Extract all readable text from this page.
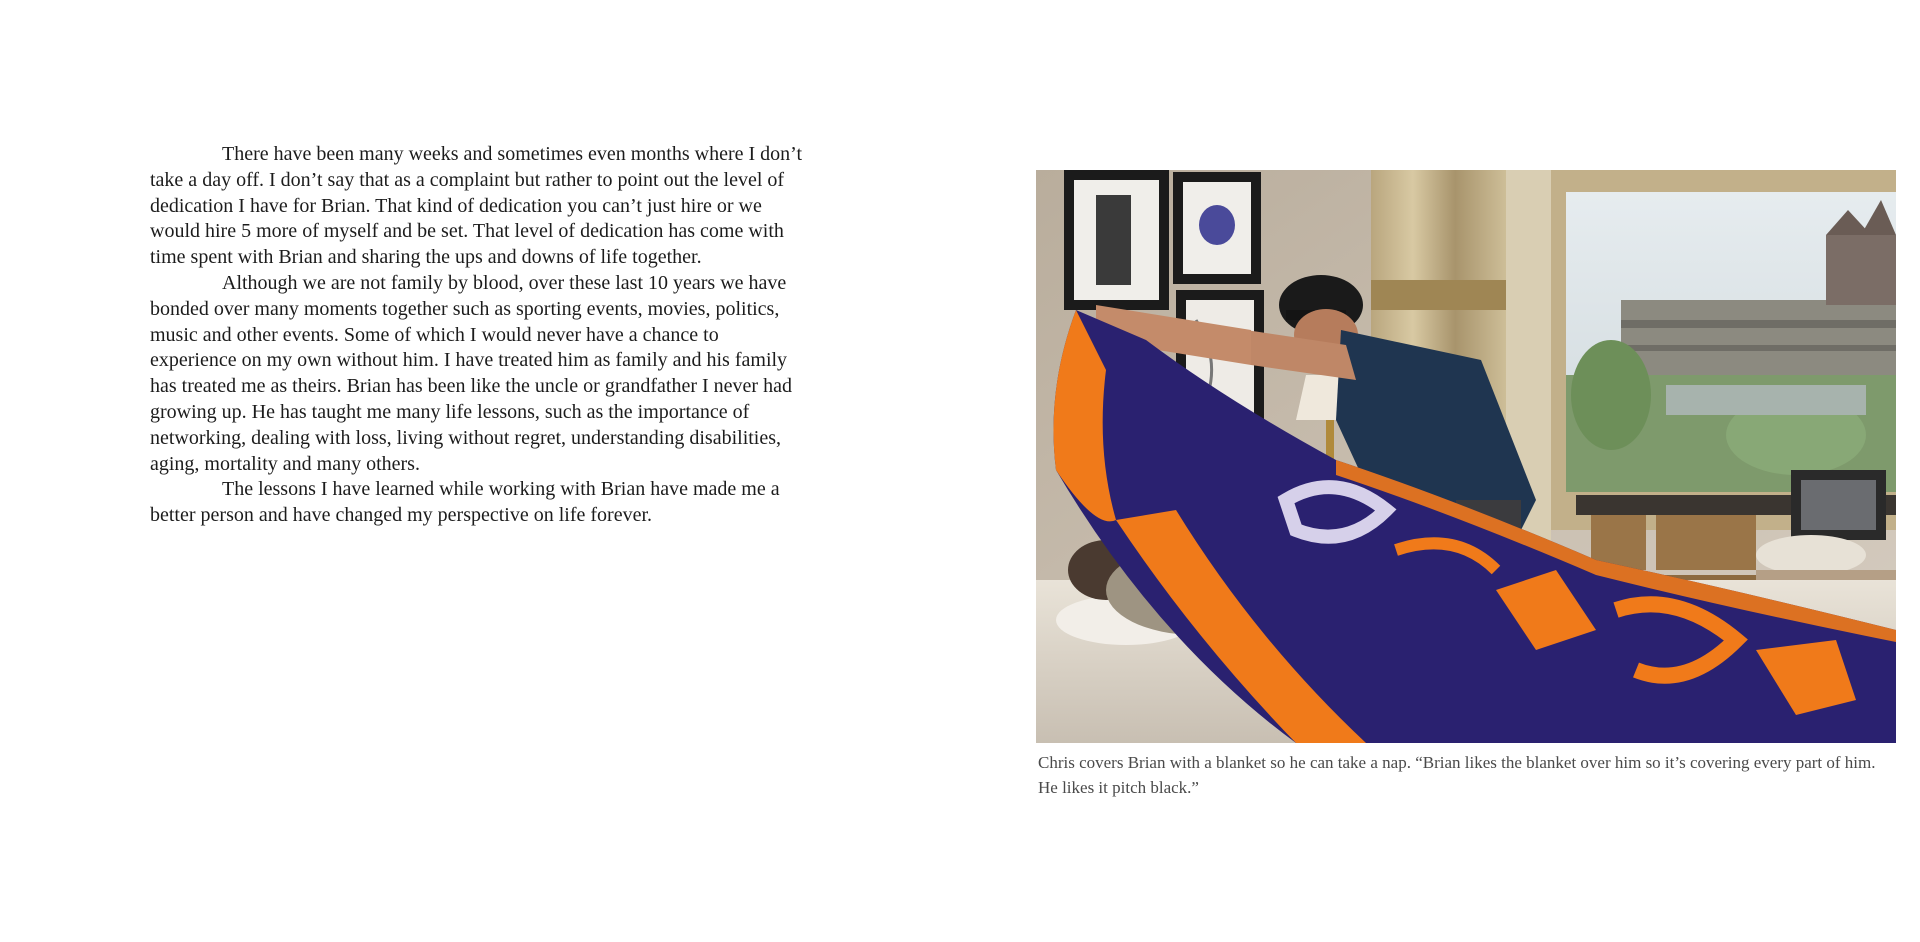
There have been many weeks and sometimes even months where I don’t take a day off. I don’t say that as a complaint but rather to point out the level of dedication I have for Brian. That kind of dedication you can’t just hire or we would hire 5 more of myself and be set. That level of dedication has come with time spent with Brian and sharing the ups and downs of life together.

Although we are not family by blood, over these last 10 years we have bonded over many moments together such as sporting events, movies, politics, music and other events. Some of which I would never have a chance to experience on my own without him. I have treated him as family and his family has treated me as theirs. Brian has been like the uncle or grandfather I never had growing up. He has taught me many life lessons, such as the importance of networking, dealing with loss, living without regret, understanding disabilities, aging, mortality and many others.

The lessons I have learned while working with Brian have made me a better person and have changed my perspective on life forever.

Chris covers Brian with a blanket so he can take a nap. “Brian likes the blanket over him so it’s covering every part of him. He likes it pitch black.”
